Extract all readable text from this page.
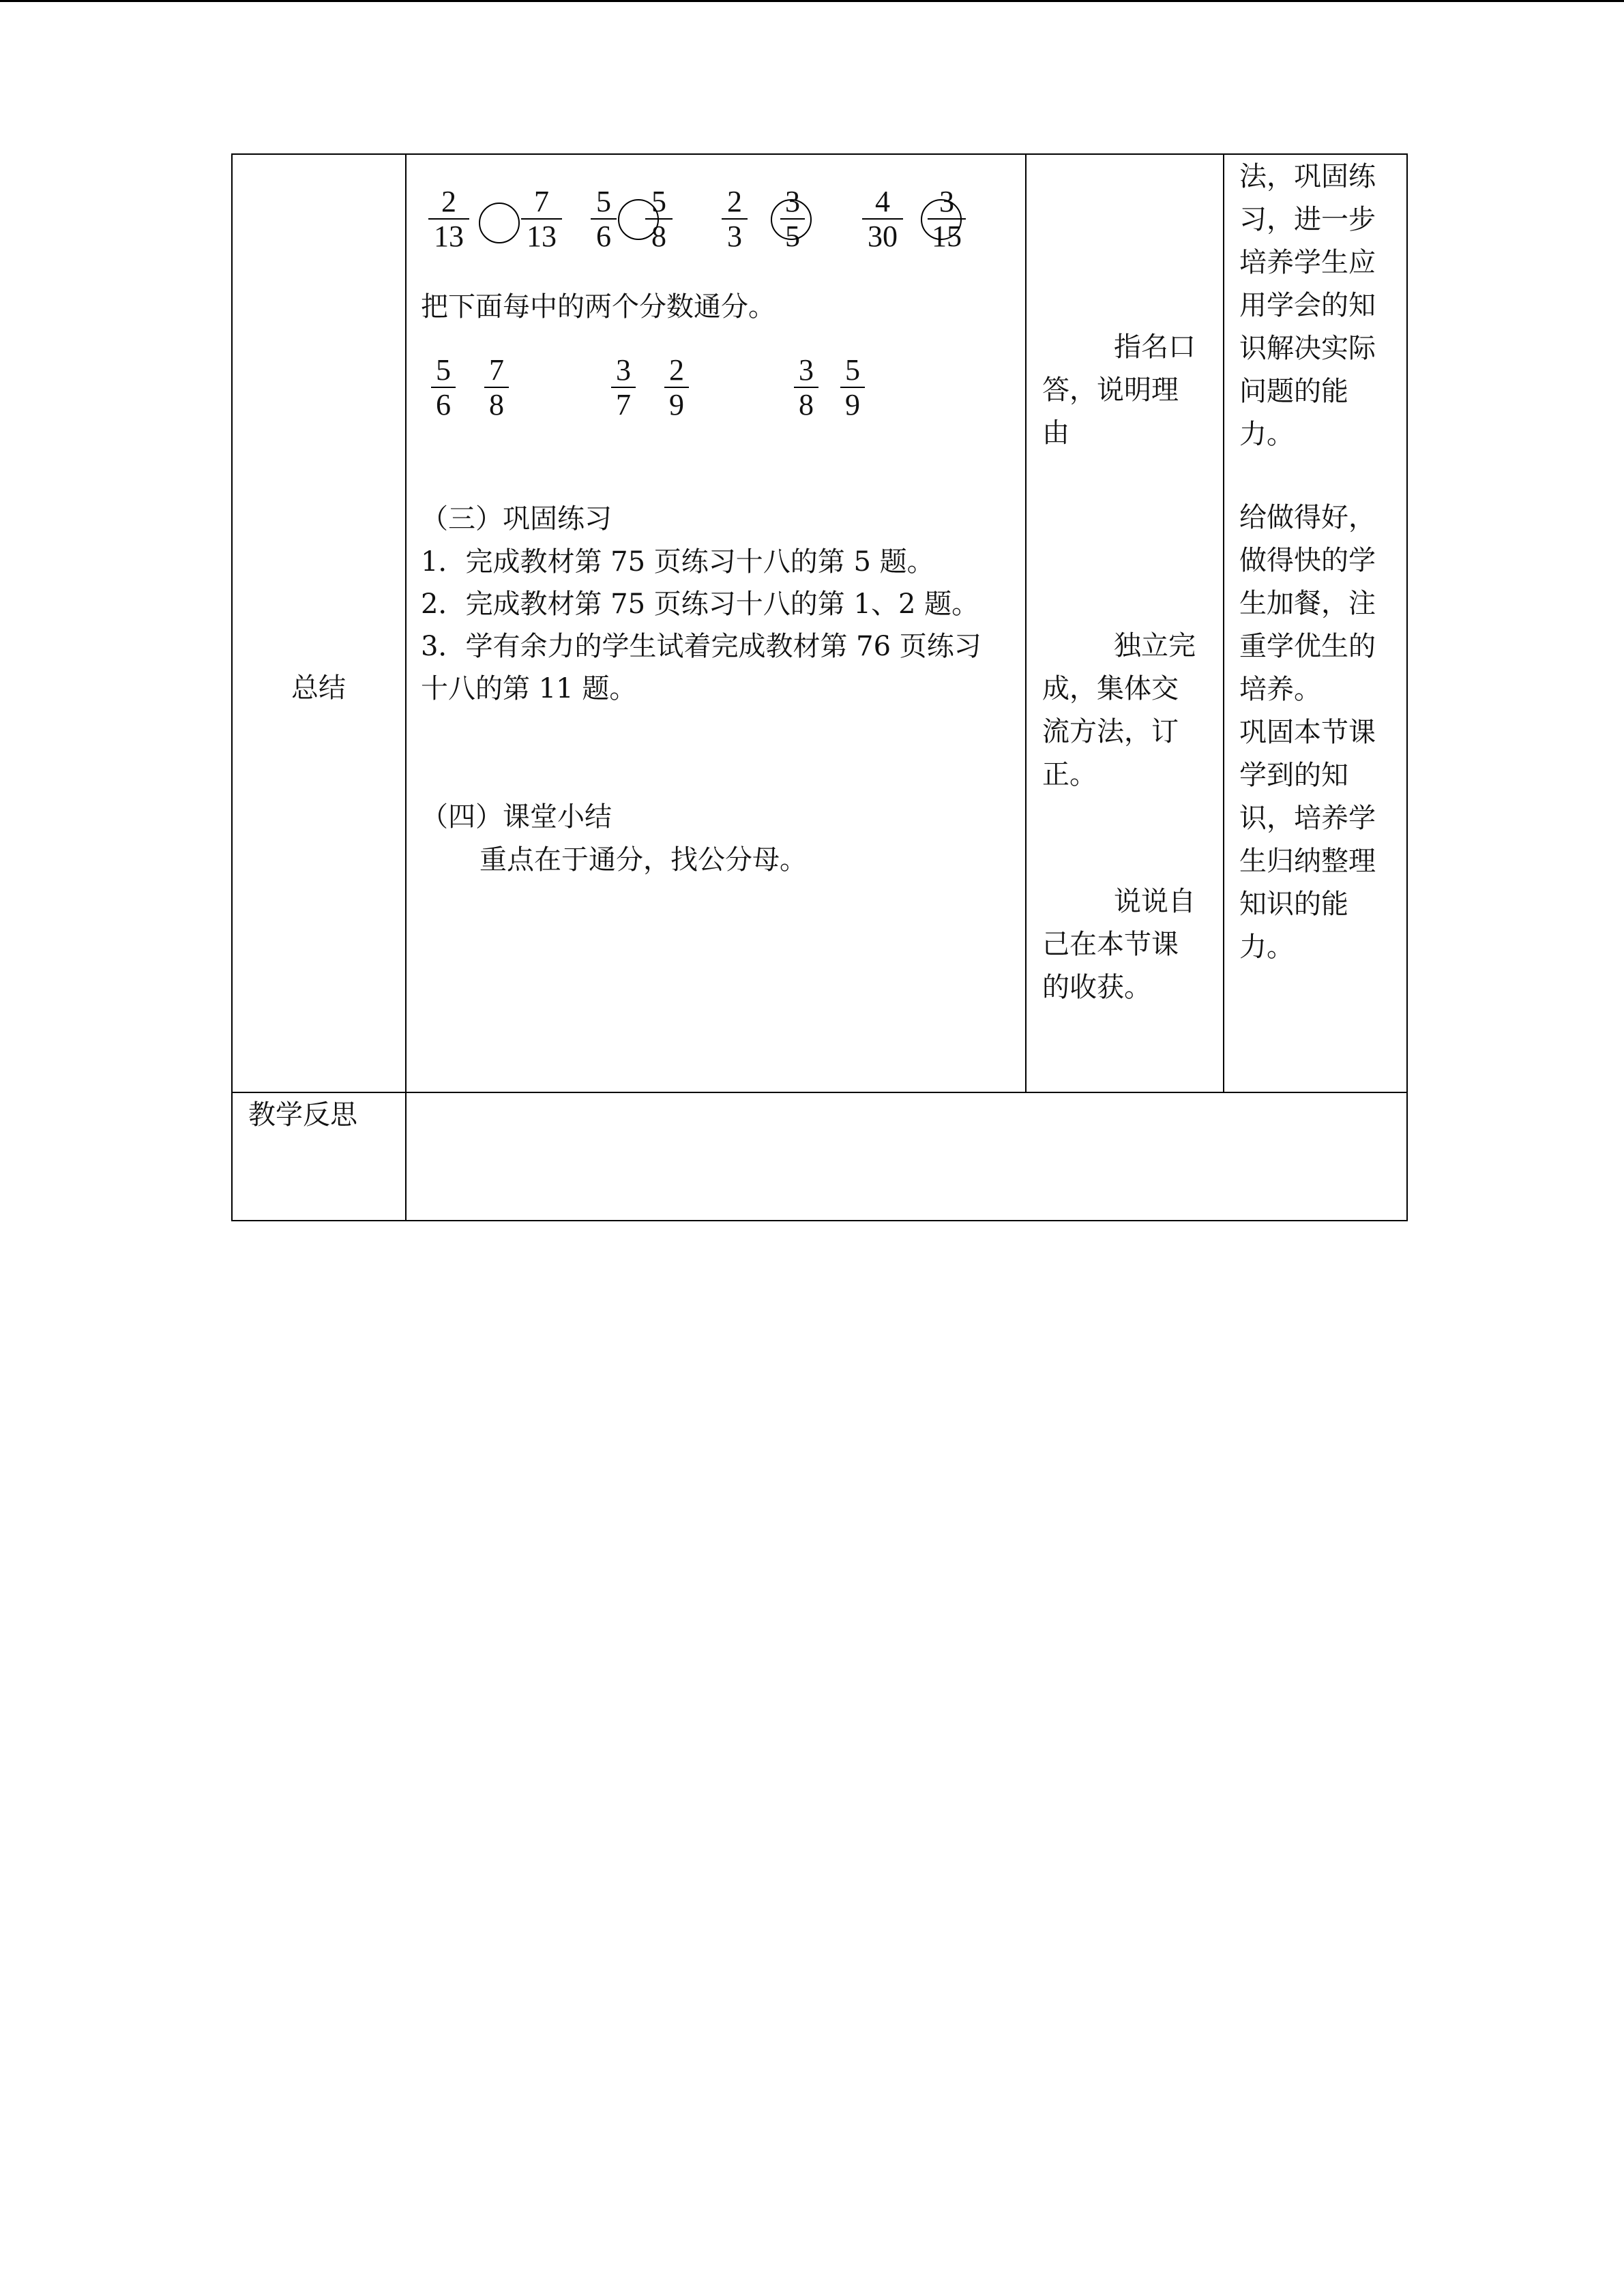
总结
教学反思
2
13
7
13
5
6
5
8
2
3
3
5
4
30
3
15
把下面每中的两个分数通分。
5
6
7
8
3
7
2
9
3
8
5
9
（三）巩固练习
1．完成教材第 75 页练习十八的第 5 题。
2．完成教材第 75 页练习十八的第 1、2 题。
3．学有余力的学生试着完成教材第 76 页练习
十八的第 11 题。
（四）课堂小结
重点在于通分，找公分母。
指名口
答，说明理
由
独立完
成，集体交
流方法，订
正。
说说自
己在本节课
的收获。
法，巩固练
习，进一步
培养学生应
用学会的知
识解决实际
问题的能
力。
给做得好，
做得快的学
生加餐，注
重学优生的
培养。
巩固本节课
学到的知
识，培养学
生归纳整理
知识的能
力。
